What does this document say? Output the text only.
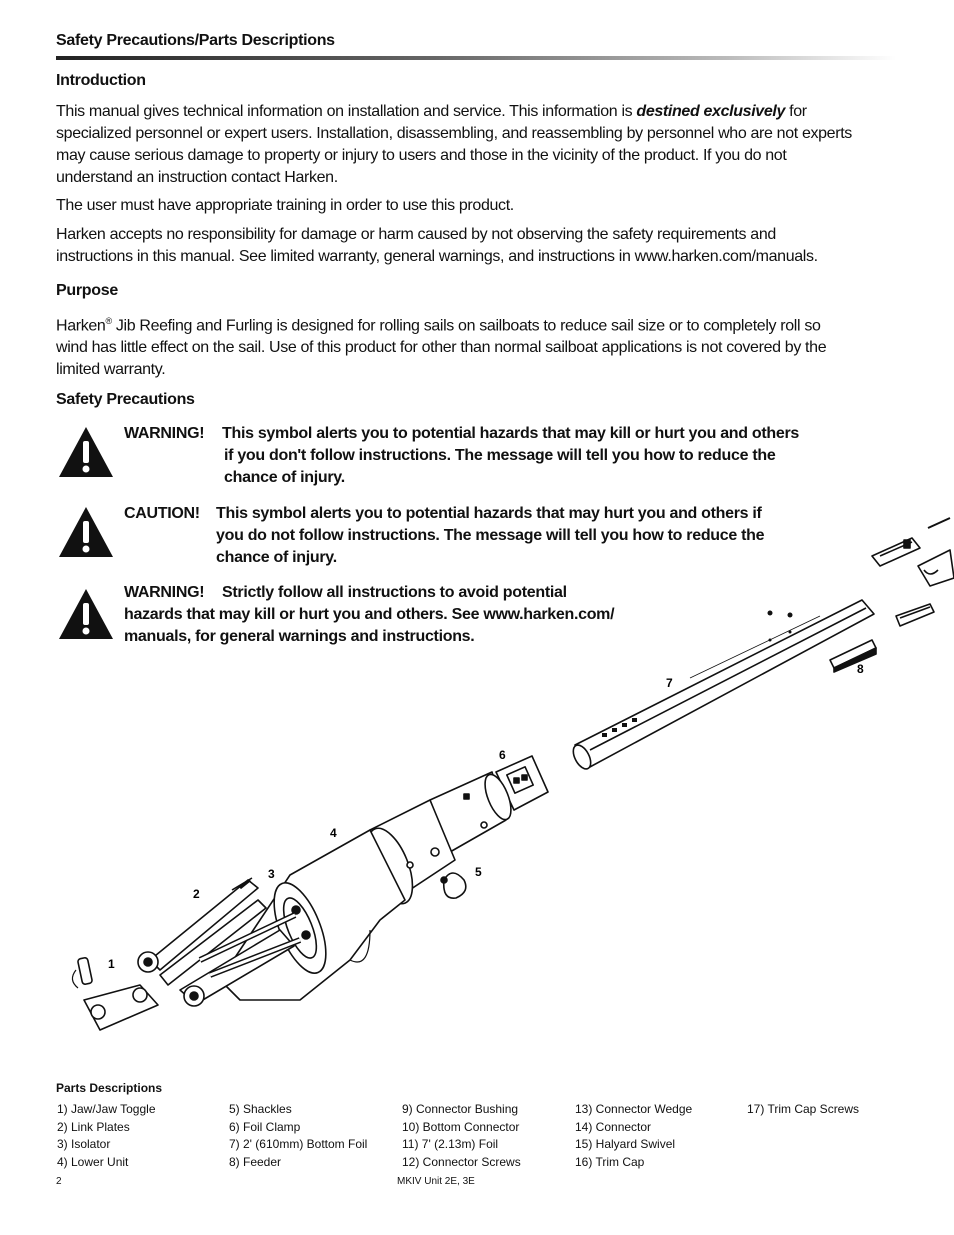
Safety Precautions/Parts Descriptions
Introduction

This manual gives technical information on installation and service. This information is destined exclusively for specialized personnel or expert users. Installation, disassembling, and reassembling by personnel who are not experts may cause serious damage to property or injury to users and those in the vicinity of the product. If you do not understand an instruction contact Harken.

The user must have appropriate training in order to use this product.

Harken accepts no responsibility for damage or harm caused by not observing the safety requirements and instructions in this manual. See limited warranty, general warnings, and instructions in www.harken.com/manuals.

Purpose

Harken® Jib Reefing and Furling is designed for rolling sails on sailboats to reduce sail size or to completely roll so wind has little effect on the sail. Use of this product for other than normal sailboat applications is not covered by the limited warranty.

Safety Precautions
WARNING! This symbol alerts you to potential hazards that may kill or hurt you and others
if you don't follow instructions. The message will tell you how to reduce the
chance of injury.
CAUTION! This symbol alerts you to potential hazards that may hurt you and others if
you do not follow instructions. The message will tell you how to reduce the
chance of injury.
WARNING! Strictly follow all instructions to avoid potential
hazards that may kill or hurt you and others. See www.harken.com/
manuals, for general warnings and instructions.
1
2
3
4
5
6
7
8
Parts Descriptions
1) Jaw/Jaw Toggle
2) Link Plates
3) Isolator
4) Lower Unit
5) Shackles
6) Foil Clamp
7) 2' (610mm) Bottom Foil
8) Feeder
9) Connector Bushing
10) Bottom Connector
11) 7' (2.13m) Foil
12) Connector Screws
13) Connector Wedge
14) Connector
15) Halyard Swivel
16) Trim Cap
17) Trim Cap Screws
2	MKIV Unit 2E, 3E
